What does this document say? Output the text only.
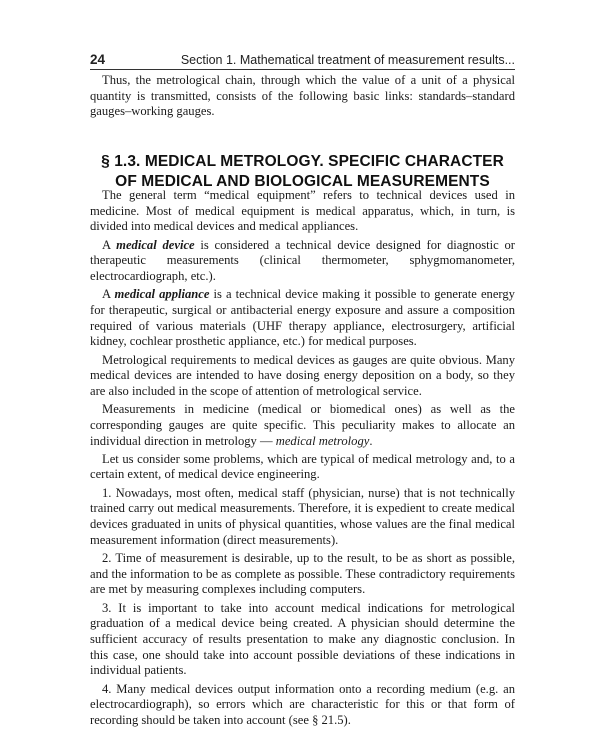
24	Section 1. Mathematical treatment of measurement results...

Thus, the metrological chain, through which the value of a unit of a physical quantity is transmitted, consists of the following basic links: standards–standard gauges–working gauges.

§ 1.3. MEDICAL METROLOGY. SPECIFIC CHARACTER
OF MEDICAL AND BIOLOGICAL MEASUREMENTS

The general term “medical equipment” refers to technical devices used in medicine. Most of medical equipment is medical apparatus, which, in turn, is divided into medical devices and medical appliances.

A medical device is considered a technical device designed for diagnostic or therapeutic measurements (clinical thermometer, sphygmomanometer, electrocardiograph, etc.).

A medical appliance is a technical device making it possible to generate energy for therapeutic, surgical or antibacterial energy exposure and assure a composition required of various materials (UHF therapy appliance, electrosurgery, artificial kidney, cochlear prosthetic appliance, etc.) for medical purposes.

Metrological requirements to medical devices as gauges are quite obvious. Many medical devices are intended to have dosing energy deposition on a body, so they are also included in the scope of attention of metrological service.

Measurements in medicine (medical or biomedical ones) as well as the corresponding gauges are quite specific. This peculiarity makes to allocate an individual direction in metrology — medical metrology.

Let us consider some problems, which are typical of medical metrology and, to a certain extent, of medical device engineering.

1. Nowadays, most often, medical staff (physician, nurse) that is not technically trained carry out medical measurements. Therefore, it is expedient to create medical devices graduated in units of physical quantities, whose values are the final medical measurement information (direct measurements).

2. Time of measurement is desirable, up to the result, to be as short as possible, and the information to be as complete as possible. These contradictory requirements are met by measuring complexes including computers.

3. It is important to take into account medical indications for metrological graduation of a medical device being created. A physician should determine the sufficient accuracy of results presentation to make any diagnostic conclusion. In this case, one should take into account possible deviations of these indications in individual patients.

4. Many medical devices output information onto a recording medium (e.g. an electrocardiograph), so errors which are characteristic for this or that form of recording should be taken into account (see § 21.5).
